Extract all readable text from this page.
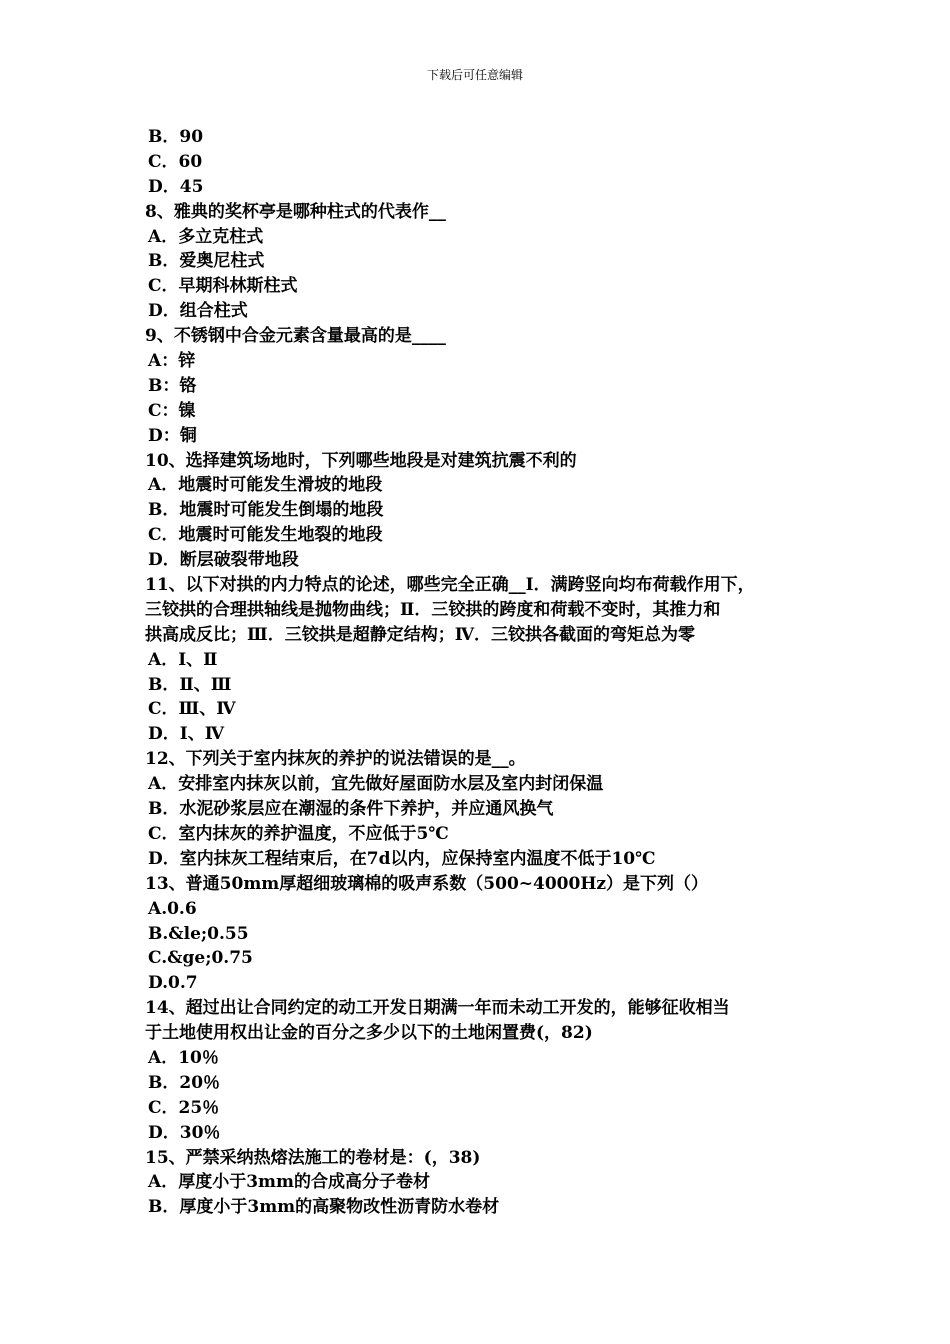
下载后可任意编辑
B．90
C．60
D．45
8、雅典的奖杯亭是哪种柱式的代表作__
A．多立克柱式
B．爱奥尼柱式
C．早期科林斯柱式
D．组合柱式
9、不锈钢中合金元素含量最高的是____
A：锌
B：铬
C：镍
D：铜
10、选择建筑场地时，下列哪些地段是对建筑抗震不利的
A．地震时可能发生滑坡的地段
B．地震时可能发生倒塌的地段
C．地震时可能发生地裂的地段
D．断层破裂带地段
11、以下对拱的内力特点的论述，哪些完全正确__Ⅰ．满跨竖向均布荷载作用下，
三铰拱的合理拱轴线是抛物曲线；Ⅱ．三铰拱的跨度和荷载不变时，其推力和
拱高成反比；Ⅲ．三铰拱是超静定结构；Ⅳ．三铰拱各截面的弯矩总为零
A．Ⅰ、Ⅱ
B．Ⅱ、Ⅲ
C．Ⅲ、Ⅳ
D．Ⅰ、Ⅳ
12、下列关于室内抹灰的养护的说法错误的是__。
A．安排室内抹灰以前，宜先做好屋面防水层及室内封闭保温
B．水泥砂浆层应在潮湿的条件下养护，并应通风换气
C．室内抹灰的养护温度，不应低于5℃
D．室内抹灰工程结束后，在7d以内，应保持室内温度不低于10℃
13、普通50mm厚超细玻璃棉的吸声系数（500~4000Hz）是下列（）
A.0.6
B.&le;0.55
C.&ge;0.75
D.0.7
14、超过出让合同约定的动工开发日期满一年而未动工开发的，能够征收相当
于土地使用权出让金的百分之多少以下的土地闲置费(，82)
A．10％
B．20％
C．25％
D．30％
15、严禁采纳热熔法施工的卷材是：(，38)
A．厚度小于3mm的合成高分子卷材
B．厚度小于3mm的高聚物改性沥青防水卷材
